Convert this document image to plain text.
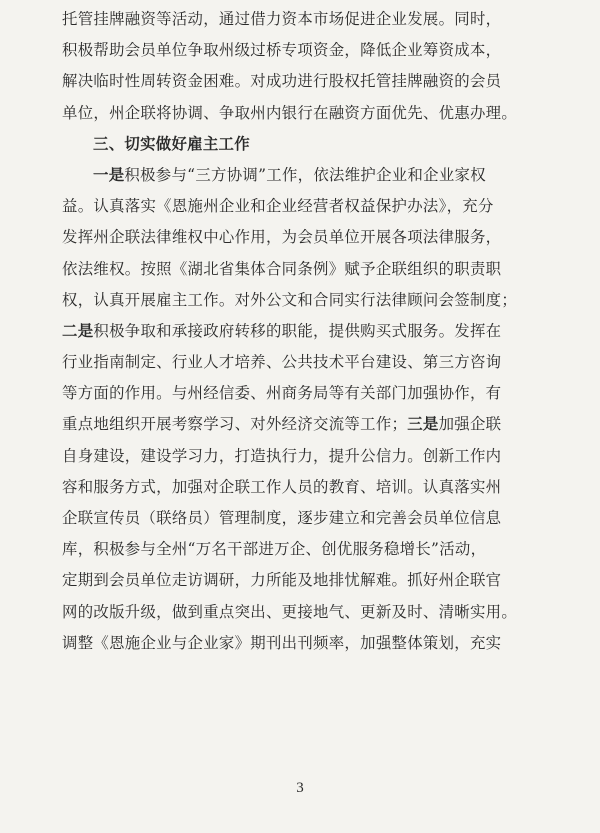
托管挂牌融资等活动，通过借力资本市场促进企业发展。同时，
积极帮助会员单位争取州级过桥专项资金，降低企业筹资成本，
解决临时性周转资金困难。对成功进行股权托管挂牌融资的会员
单位，州企联将协调、争取州内银行在融资方面优先、优惠办理。
三、切实做好雇主工作
一是积极参与“三方协调”工作，依法维护企业和企业家权
益。认真落实《恩施州企业和企业经营者权益保护办法》，充分
发挥州企联法律维权中心作用，为会员单位开展各项法律服务，
依法维权。按照《湖北省集体合同条例》赋予企联组织的职责职
权，认真开展雇主工作。对外公文和合同实行法律顾问会签制度；
二是积极争取和承接政府转移的职能，提供购买式服务。发挥在
行业指南制定、行业人才培养、公共技术平台建设、第三方咨询
等方面的作用。与州经信委、州商务局等有关部门加强协作，有
重点地组织开展考察学习、对外经济交流等工作；三是加强企联
自身建设，建设学习力，打造执行力，提升公信力。创新工作内
容和服务方式，加强对企联工作人员的教育、培训。认真落实州
企联宣传员（联络员）管理制度，逐步建立和完善会员单位信息
库，积极参与全州“万名干部进万企、创优服务稳增长”活动，
定期到会员单位走访调研，力所能及地排忧解难。抓好州企联官
网的改版升级，做到重点突出、更接地气、更新及时、清晰实用。
调整《恩施企业与企业家》期刊出刊频率，加强整体策划，充实
3
